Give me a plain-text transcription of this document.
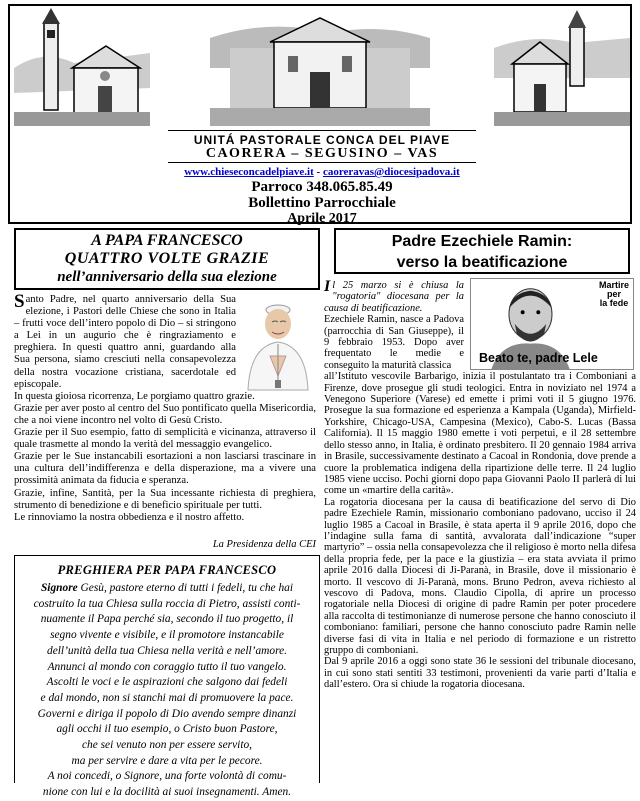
UNITÁ PASTORALE CONCA DEL PIAVE
CAORERA – SEGUSINO – VAS
www.chieseconcadelpiave.it - caoreravas@diocesipadova.it
Parroco 348.065.85.49
Bollettino Parrocchiale
Aprile 2017
A PAPA FRANCESCO
QUATTRO VOLTE GRAZIE
nell’anniversario della sua elezione

Santo Padre, nel quarto anniversario della Sua elezione, i Pastori delle Chiese che sono in Italia – frutti voce dell’intero popolo di Dio – si stringono a Lei in un augurio che è ringraziamento e preghiera. In questi quattro anni, guardando alla Sua persona, siamo cresciuti nella consapevolezza della nostra vocazione cristiana, sacerdotale ed episcopale.

In questa gioiosa ricorrenza, Le porgiamo quattro grazie.

Grazie per aver posto al centro del Suo pontificato quella Misericordia, che a noi viene incontro nel volto di Gesù Cristo.

Grazie per il Suo esempio, fatto di semplicità e vicinanza, attraverso il quale trasmette al mondo la verità del messaggio evangelico.

Grazie per le Sue instancabili esortazioni a non lasciarsi trascinare in una cultura dell’indifferenza e della disperazione, ma a vivere una prossimità animata da fiducia e speranza.

Grazie, infine, Santità, per la Sua incessante richiesta di preghiera, strumento di benedizione e di beneficio spirituale per tutti.

Le rinnoviamo la nostra obbedienza e il nostro affetto.

La Presidenza della CEI
PREGHIERA PER PAPA FRANCESCO
Signore Gesù, pastore eterno di tutti i fedeli, tu che hai
costruito la tua Chiesa sulla roccia di Pietro, assisti conti-
nuamente il Papa perché sia, secondo il tuo progetto, il
segno vivente e visibile, e il promotore instancabile
dell’unità della tua Chiesa nella verità e nell’amore.
Annunci al mondo con coraggio tutto il tuo vangelo.
Ascolti le voci e le aspirazioni che salgono dai fedeli
e dal mondo, non si stanchi mai di promuovere la pace.
Governi e diriga il popolo di Dio avendo sempre dinanzi
agli occhi il tuo esempio, o Cristo buon Pastore,
che sei venuto non per essere servito,
ma per servire e dare a vita per le pecore.
A noi concedi, o Signore, una forte volontà di comu-
nione con lui e la docilità ai suoi insegnamenti. Amen.
Padre Ezechiele Ramin:
verso la beatificazione
Martire
per
la fede
Beato te, padre Lele

Il 25 marzo si è chiusa la "rogatoria" diocesana per la causa di beatificazione.

Ezechiele Ramin, nasce a Padova (parrocchia di San Giuseppe), il 9 febbraio 1953. Dopo aver frequentato le medie e conseguito la maturità classica

all’Istituto vescovile Barbarigo, inizia il postulantato tra i Comboniani a Firenze, dove prosegue gli studi teologici. Entra in noviziato nel 1974 a Venegono Superiore (Varese) ed emette i primi voti il 5 giugno 1976. Prosegue la sua formazione ed esperienza a Kampala (Uganda), Mirfield-Yorkshire, Chicago-USA, Campesina (Mexico), Cabo-S. Lucas (Bassa California). Il 15 maggio 1980 emette i voti perpetui, e il 28 settembre dello stesso anno, in Italia, è ordinato presbitero. Il 20 gennaio 1984 arriva in Brasile, successivamente destinato a Cacoal in Rondonia, dove prende a cuore la problematica indigena della ripartizione delle terre. Il 24 luglio 1985 viene ucciso. Pochi giorni dopo papa Giovanni Paolo II parlerà di lui come un «martire della carità».

La rogatoria diocesana per la causa di beatificazione del servo di Dio padre Ezechiele Ramin, missionario comboniano padovano, ucciso il 24 luglio 1985 a Cacoal in Brasile, è stata aperta il 9 aprile 2016, dopo che l’indagine sulla fama di santità, avvalorata dall’indicazione “super martyrio” – ossia nella consapevolezza che il religioso è morto nella difesa della propria fede, per la pace e la giustizia – era stata avviata il primo aprile 2016 dalla Diocesi di Ji-Paranà, in Brasile, dove il missionario è morto. Il vescovo di Ji-Paranà, mons. Bruno Pedron, aveva richiesto al vescovo di Padova, mons. Claudio Cipolla, di aprire un processo rogatoriale nella Diocesi di origine di padre Ramin per poter procedere alla raccolta di testimonianze di numerose persone che hanno conosciuto il comboniano: familiari, persone che hanno conosciuto padre Ramin nelle diverse fasi di vita in Italia e nel periodo di formazione e un ristretto gruppo di comboniani.

Dal 9 aprile 2016 a oggi sono state 36 le sessioni del tribunale diocesano, in cui sono stati sentiti 33 testimoni, provenienti da varie parti d’Italia e dall’estero. Ora si chiude la rogatoria diocesana.
